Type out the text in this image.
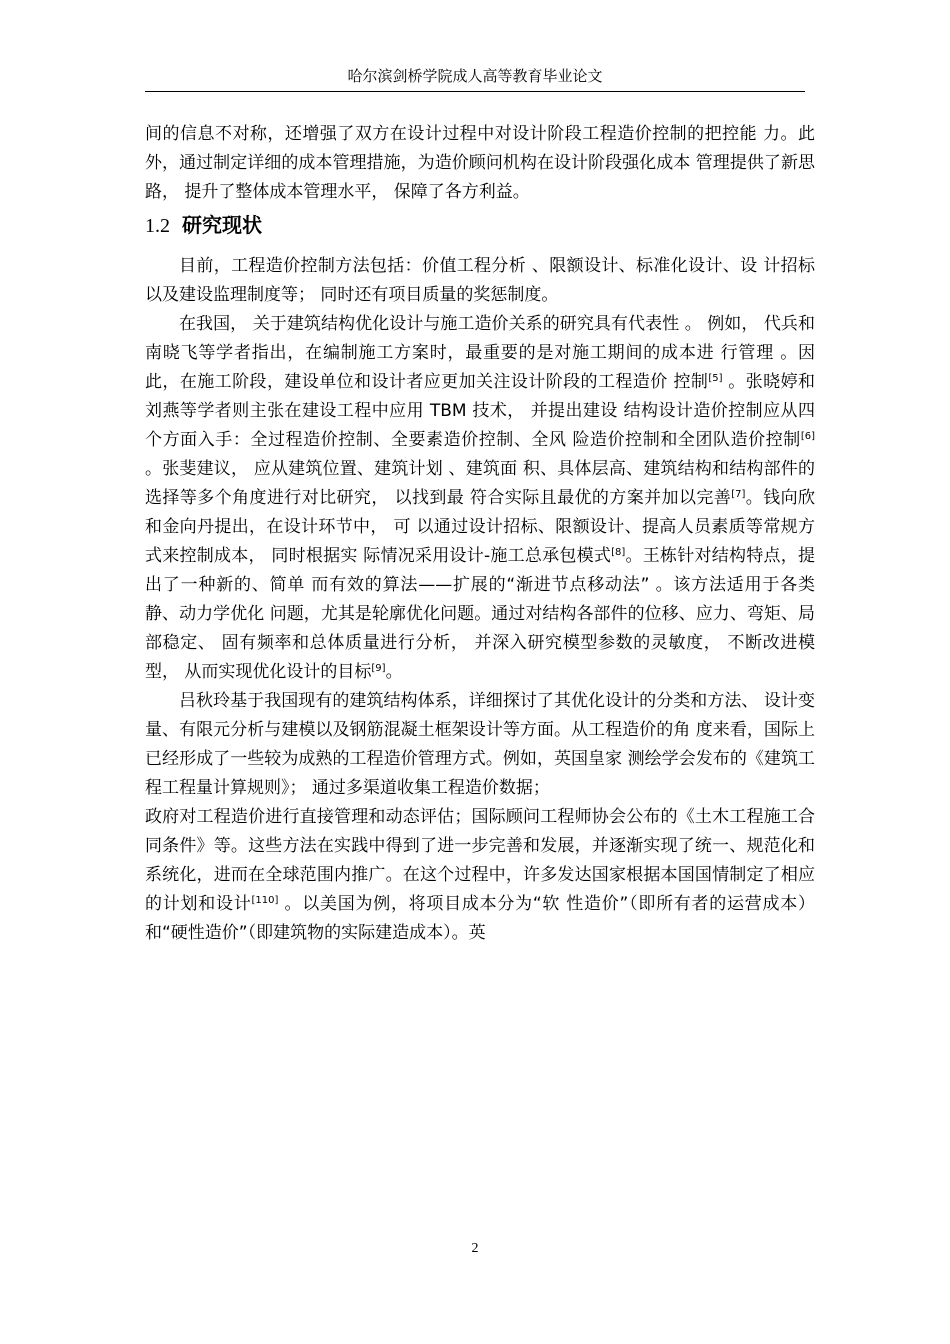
哈尔滨剑桥学院成人高等教育毕业论文

间的信息不对称，还增强了双方在设计过程中对设计阶段工程造价控制的把控能 力。此外，通过制定详细的成本管理措施，为造价顾问机构在设计阶段强化成本 管理提供了新思路， 提升了整体成本管理水平， 保障了各方利益。

1.2 研究现状

目前，工程造价控制方法包括：价值工程分析 、限额设计、标准化设计、设 计招标以及建设监理制度等； 同时还有项目质量的奖惩制度。

在我国， 关于建筑结构优化设计与施工造价关系的研究具有代表性 。 例如， 代兵和南晓飞等学者指出，在编制施工方案时，最重要的是对施工期间的成本进 行管理 。因此，在施工阶段，建设单位和设计者应更加关注设计阶段的工程造价 控制[5] 。张晓婷和刘燕等学者则主张在建设工程中应用 TBM 技术， 并提出建设 结构设计造价控制应从四个方面入手：全过程造价控制、全要素造价控制、全风 险造价控制和全团队造价控制[6] 。张斐建议， 应从建筑位置、建筑计划 、建筑面 积、具体层高、建筑结构和结构部件的选择等多个角度进行对比研究， 以找到最 符合实际且最优的方案并加以完善[7]。钱向欣和金向丹提出，在设计环节中， 可 以通过设计招标、限额设计、提高人员素质等常规方式来控制成本， 同时根据实 际情况采用设计-施工总承包模式[8]。王栋针对结构特点，提出了一种新的、简单 而有效的算法——扩展的“渐进节点移动法” 。该方法适用于各类静、动力学优化 问题，尤其是轮廓优化问题。通过对结构各部件的位移、应力、弯矩、局部稳定、 固有频率和总体质量进行分析， 并深入研究模型参数的灵敏度， 不断改进模型， 从而实现优化设计的目标[9]。

吕秋玲基于我国现有的建筑结构体系，详细探讨了其优化设计的分类和方法、 设计变量、有限元分析与建模以及钢筋混凝土框架设计等方面。从工程造价的角 度来看，国际上已经形成了一些较为成熟的工程造价管理方式。例如，英国皇家 测绘学会发布的《建筑工程工程量计算规则》； 通过多渠道收集工程造价数据；

政府对工程造价进行直接管理和动态评估；国际顾问工程师协会公布的《土木工程施工合同条件》等。这些方法在实践中得到了进一步完善和发展，并逐渐实现了统一、规范化和系统化，进而在全球范围内推广。在这个过程中，许多发达国家根据本国国情制定了相应的计划和设计[110] 。以美国为例，将项目成本分为“软 性造价”（即所有者的运营成本）和“硬性造价”（即建筑物的实际建造成本）。英

2
